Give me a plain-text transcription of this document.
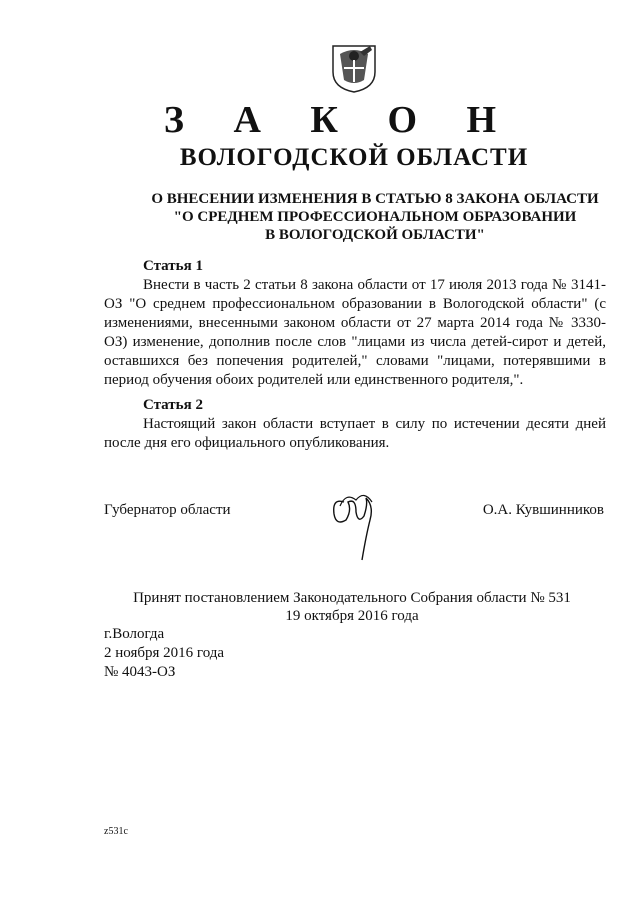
З А К О Н
ВОЛОГОДСКОЙ ОБЛАСТИ
О ВНЕСЕНИИ ИЗМЕНЕНИЯ В СТАТЬЮ 8 ЗАКОНА ОБЛАСТИ
"О СРЕДНЕМ ПРОФЕССИОНАЛЬНОМ ОБРАЗОВАНИИ
В ВОЛОГОДСКОЙ ОБЛАСТИ"
Статья 1
Внести в часть 2 статьи 8 закона области от 17 июля 2013 года № 3141-ОЗ "О среднем профессиональном образовании в Вологодской области" (с изменениями, внесенными законом области от 27 марта 2014 года № 3330-ОЗ) изменение, дополнив после слов "лицами из числа детей-сирот и детей, оставшихся без попечения родителей," словами "лицами, потерявшими в период обучения обоих родителей или единственного родителя,".
Статья 2
Настоящий закон области вступает в силу по истечении десяти дней после дня его официального опубликования.
Губернатор области	О.А. Кувшинников
Принят постановлением Законодательного Собрания области № 531
19 октября 2016 года
г.Вологда
2 ноября 2016 года
№ 4043-ОЗ
z531c
